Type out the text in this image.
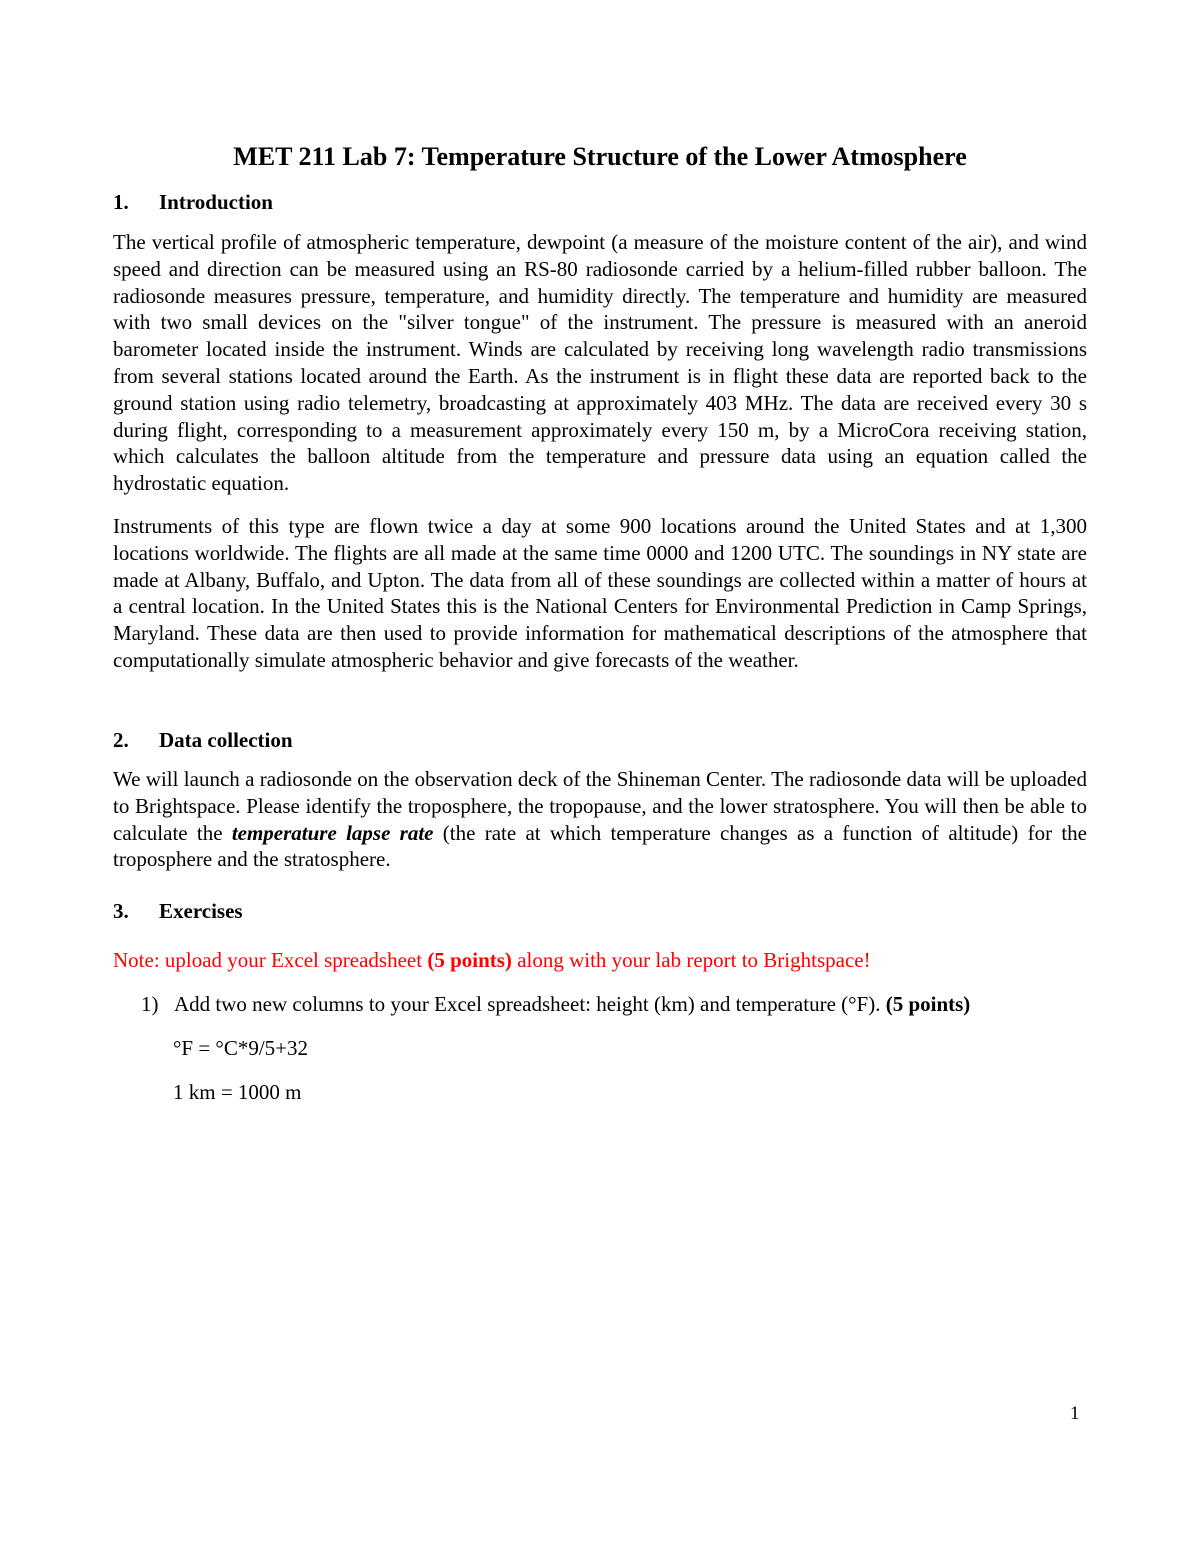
MET 211 Lab 7: Temperature Structure of the Lower Atmosphere
1. Introduction

The vertical profile of atmospheric temperature, dewpoint (a measure of the moisture content of the air), and wind speed and direction can be measured using an RS-80 radiosonde carried by a helium-filled rubber balloon. The radiosonde measures pressure, temperature, and humidity directly. The temperature and humidity are measured with two small devices on the "silver tongue" of the instrument. The pressure is measured with an aneroid barometer located inside the instrument. Winds are calculated by receiving long wavelength radio transmissions from several stations located around the Earth. As the instrument is in flight these data are reported back to the ground station using radio telemetry, broadcasting at approximately 403 MHz. The data are received every 30 s during flight, corresponding to a measurement approximately every 150 m, by a MicroCora receiving station, which calculates the balloon altitude from the temperature and pressure data using an equation called the hydrostatic equation.

Instruments of this type are flown twice a day at some 900 locations around the United States and at 1,300 locations worldwide. The flights are all made at the same time 0000 and 1200 UTC. The soundings in NY state are made at Albany, Buffalo, and Upton. The data from all of these soundings are collected within a matter of hours at a central location. In the United States this is the National Centers for Environmental Prediction in Camp Springs, Maryland. These data are then used to provide information for mathematical descriptions of the atmosphere that computationally simulate atmospheric behavior and give forecasts of the weather.

2. Data collection

We will launch a radiosonde on the observation deck of the Shineman Center. The radiosonde data will be uploaded to Brightspace. Please identify the troposphere, the tropopause, and the lower stratosphere. You will then be able to calculate the temperature lapse rate (the rate at which temperature changes as a function of altitude) for the troposphere and the stratosphere.

3. Exercises

Note: upload your Excel spreadsheet (5 points) along with your lab report to Brightspace!

1) Add two new columns to your Excel spreadsheet: height (km) and temperature (°F). (5 points)

°F = °C*9/5+32

1 km = 1000 m

1
